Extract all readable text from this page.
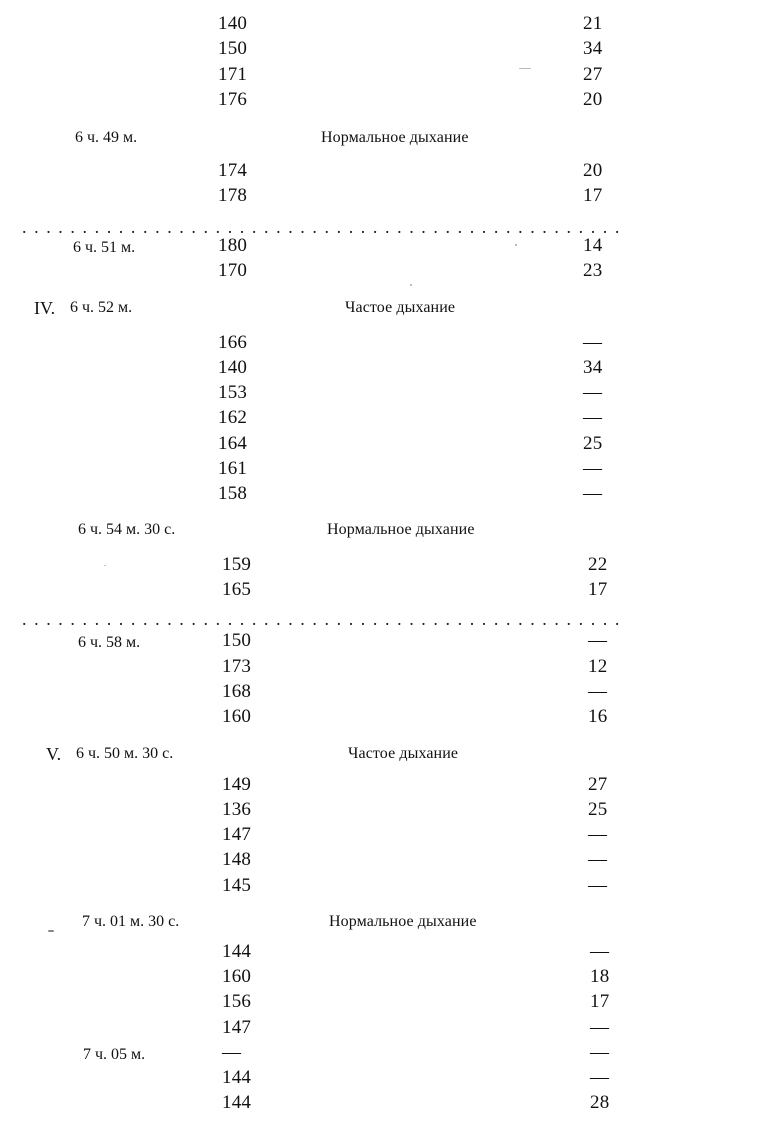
140	21
150	34
171	27
176	20
6 ч. 49 м.	Нормальное дыхание
174	20
178	17
..................................................
6 ч. 51 м.	180	14
170	23
IV. 6 ч. 52 м.	Частое дыхание
166	—
140	34
153	—
162	—
164	25
161	—
158	—
6 ч. 54 м. 30 с.	Нормальное дыхание
159	22
165	17
..................................................
6 ч. 58 м.	150	—
173	12
168	—
160	16
V. 6 ч. 50 м. 30 с.	Частое дыхание
149	27
136	25
147	—
148	—
145	—
7 ч. 01 м. 30 с.	Нормальное дыхание
144	—
160	18
156	17
147	—
7 ч. 05 м.	—	—
144	—
144	28
